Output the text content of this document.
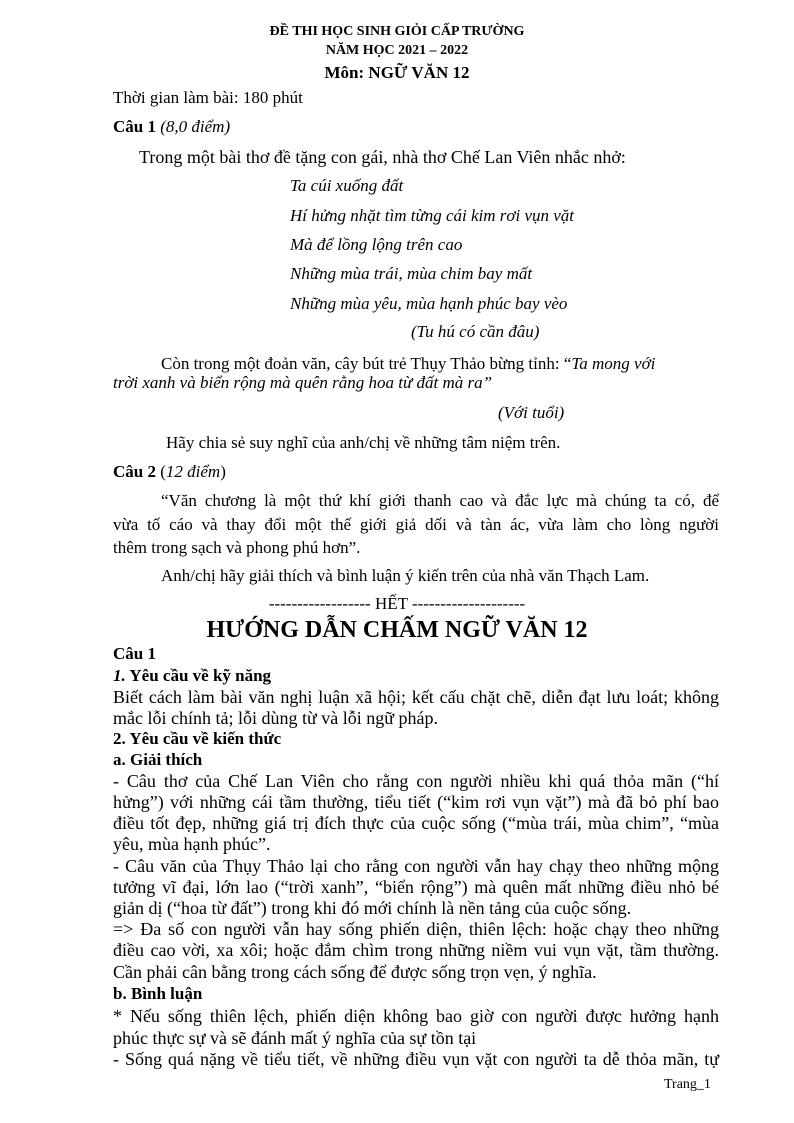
ĐỀ THI HỌC SINH GIỎI CẤP TRƯỜNG
NĂM HỌC 2021 – 2022
Môn: NGỮ VĂN 12
Thời gian làm bài: 180 phút
Câu 1 (8,0 điểm)
Trong một bài thơ đề tặng con gái, nhà thơ Chế Lan Viên nhắc nhở:
Ta cúi xuống đất
Hí hửng nhặt tìm từng cái kim rơi vụn vặt
Mà để lồng lộng trên cao
Những mùa trái, mùa chim bay mất
Những mùa yêu, mùa hạnh phúc bay vèo
(Tu hú có cần đâu)
Còn trong một đoản văn, cây bút trẻ Thụy Thảo bừng tỉnh: “Ta mong với
trời xanh và biển rộng mà quên rằng hoa từ đất mà ra”
(Với tuổi)
Hãy chia sẻ suy nghĩ của anh/chị về những tâm niệm trên.
Câu 2 (12 điểm)
“Văn chương là một thứ khí giới thanh cao và đắc lực mà chúng ta có, để
vừa tố cáo và thay đổi một thế giới giả dối và tàn ác, vừa làm cho lòng người
thêm trong sạch và phong phú hơn”.
Anh/chị hãy giải thích và bình luận ý kiến trên của nhà văn Thạch Lam.
------------------ HẾT --------------------
HƯỚNG DẪN CHẤM NGỮ VĂN 12
Câu 1
1. Yêu cầu về kỹ năng
Biết cách làm bài văn nghị luận xã hội; kết cấu chặt chẽ, diễn đạt lưu loát; không
mắc lỗi chính tả; lỗi dùng từ và lỗi ngữ pháp.
2. Yêu cầu về kiến thức
a. Giải thích
- Câu thơ của Chế Lan Viên cho rằng con người nhiều khi quá thỏa mãn (“hí
hửng”) với những cái tầm thường, tiểu tiết (“kim rơi vụn vặt”) mà đã bỏ phí bao
điều tốt đẹp, những giá trị đích thực của cuộc sống (“mùa trái, mùa chim”, “mùa
yêu, mùa hạnh phúc”.
- Câu văn của Thụy Thảo lại cho rằng con người vẫn hay chạy theo những mộng
tưởng vĩ đại, lớn lao (“trời xanh”, “biển rộng”) mà quên mất những điều nhỏ bé
giản dị (“hoa từ đất”) trong khi đó mới chính là nền tảng của cuộc sống.
=> Đa số con người vẫn hay sống phiến diện, thiên lệch: hoặc chạy theo những
điều cao vời, xa xôi; hoặc đắm chìm trong những niềm vui vụn vặt, tầm thường.
Cần phải cân bằng trong cách sống để được sống trọn vẹn, ý nghĩa.
b. Bình luận
* Nếu sống thiên lệch, phiến diện không bao giờ con người được hưởng hạnh
phúc thực sự và sẽ đánh mất ý nghĩa của sự tồn tại
- Sống quá nặng về tiểu tiết, về những điều vụn vặt con người ta dễ thỏa mãn, tự
Trang_1
